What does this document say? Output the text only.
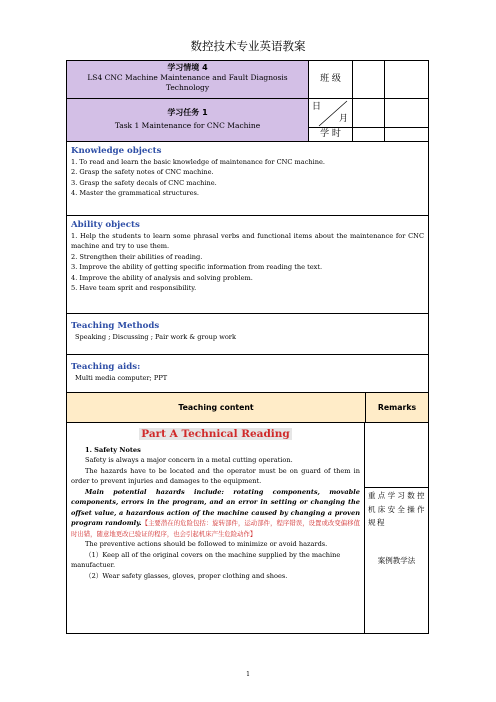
数控技术专业英语教案
学习情境 4
LS4 CNC Machine Maintenance and Fault Diagnosis
Technology
班 级
学习任务 1
Task 1 Maintenance for CNC Machine
日
月
学 时
Knowledge objects
1. To read and learn the basic knowledge of maintenance for CNC machine.
2. Grasp the safety notes of CNC machine.
3. Grasp the safety decals of CNC machine.
4. Master the grammatical structures.
Ability objects
1. Help the students to learn some phrasal verbs and functional items about the maintenance for CNC machine and try to use them.
2. Strengthen their abilities of reading.
3. Improve the ability of getting specific information from reading the text.
4. Improve the ability of analysis and solving problem.
5. Have team sprit and responsibility.
Teaching Methods
Speaking ; Discussing ; Pair work & group work
Teaching aids:
Multi media computer; PPT
Teaching content	Remarks
Part A Technical Reading
1. Safety Notes
Safety is always a major concern in a metal cutting operation.
The hazards have to be located and the operator must be on guard of them in order to prevent injuries and damages to the equipment.
Main potential hazards include: rotating components, movable components, errors in the program, and an error in setting or changing the offset value, a hazardous action of the machine caused by changing a proven program randomly.【主要潜在的危险包括：旋转部件，运动部件，程序错误，设置或改变偏移值时出错，随意地更改已验证的程序，也会引起机床产生危险动作】
The preventive actions should be followed to minimize or avoid hazards.
（1）Keep all of the original covers on the machine supplied by the machine manufactuer.
（2）Wear safety glasses, gloves, proper clothing and shoes.
重点学习数控机床安全操作规程
案例教学法
1
